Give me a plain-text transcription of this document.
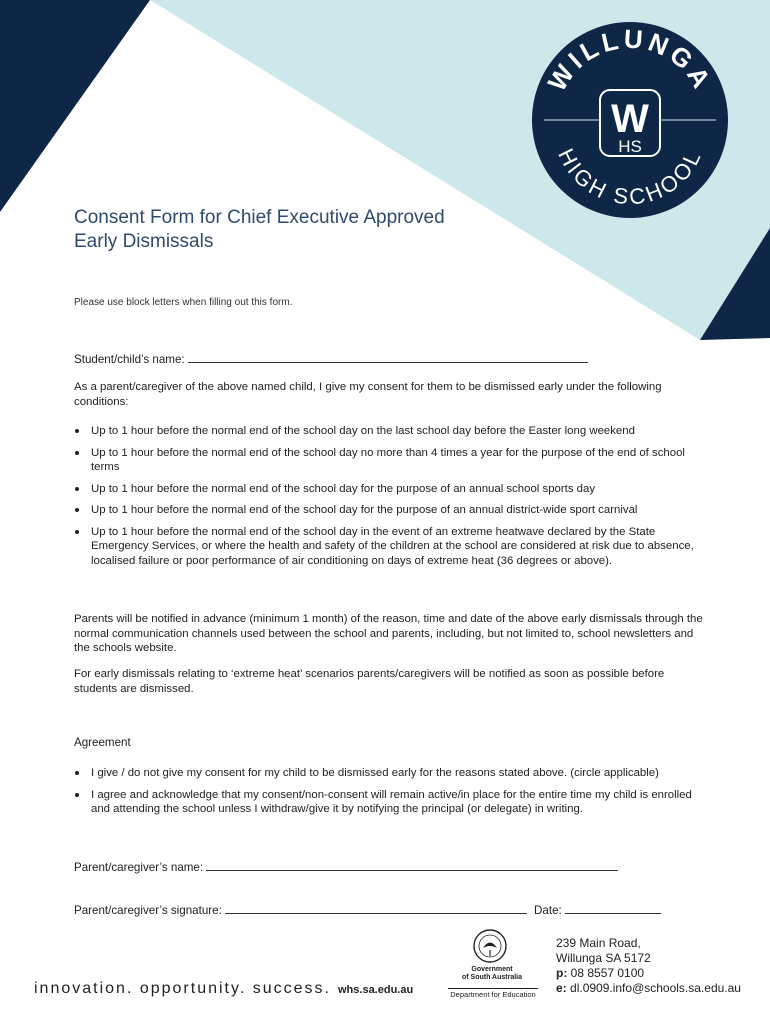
WILLUNGA
HIGH SCHOOL
W
HS
Consent Form for Chief Executive Approved
Early Dismissals
Please use block letters when filling out this form.
Student/child’s name:
As a parent/caregiver of the above named child, I give my consent for them to be dismissed early under the following conditions:
Up to 1 hour before the normal end of the school day on the last school day before the Easter long weekend
Up to 1 hour before the normal end of the school day no more than 4 times a year for the purpose of the end of school terms
Up to 1 hour before the normal end of the school day for the purpose of an annual school sports day
Up to 1 hour before the normal end of the school day for the purpose of an annual district-wide sport carnival
Up to 1 hour before the normal end of the school day in the event of an extreme heatwave declared by the State Emergency Services, or where the health and safety of the children at the school are considered at risk due to absence, localised failure or poor performance of air conditioning on days of extreme heat (36 degrees or above).
Parents will be notified in advance (minimum 1 month) of the reason, time and date of the above early dismissals through the normal communication channels used between the school and parents, including, but not limited to, school newsletters and the schools website.
For early dismissals relating to ‘extreme heat’ scenarios parents/caregivers will be notified as soon as possible before students are dismissed.
Agreement
I give / do not give my consent for my child to be dismissed early for the reasons stated above. (circle applicable)
I agree and acknowledge that my consent/non-consent will remain active/in place for the entire time my child is enrolled and attending the school unless I withdraw/give it by notifying the principal (or delegate) in writing.
Parent/caregiver’s name:
Parent/caregiver’s signature:	Date:
innovation. opportunity. success. whs.sa.edu.au
Government
of South Australia
Department for Education
239 Main Road,
Willunga SA 5172
p: 08 8557 0100
e: dl.0909.info@schools.sa.edu.au
